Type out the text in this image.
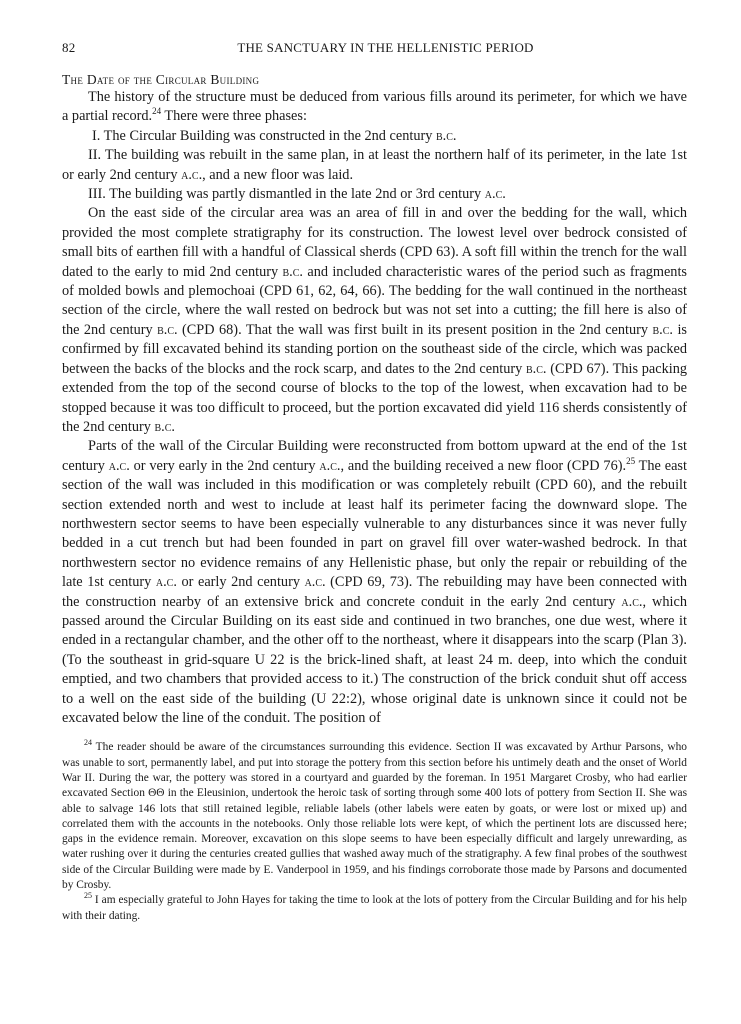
82	THE SANCTUARY IN THE HELLENISTIC PERIOD
The Date of the Circular Building

The history of the structure must be deduced from various fills around its perimeter, for which we have a partial record.$^{24}$ There were three phases:

I. The Circular Building was constructed in the 2nd century b.c.

II. The building was rebuilt in the same plan, in at least the northern half of its perimeter, in the late 1st or early 2nd century a.c., and a new floor was laid.

III. The building was partly dismantled in the late 2nd or 3rd century a.c.

On the east side of the circular area was an area of fill in and over the bedding for the wall, which provided the most complete stratigraphy for its construction. The lowest level over bedrock consisted of small bits of earthen fill with a handful of Classical sherds (CPD 63). A soft fill within the trench for the wall dated to the early to mid 2nd century b.c. and included characteristic wares of the period such as fragments of molded bowls and plemochoai (CPD 61, 62, 64, 66). The bedding for the wall continued in the northeast section of the circle, where the wall rested on bedrock but was not set into a cutting; the fill here is also of the 2nd century b.c. (CPD 68). That the wall was first built in its present position in the 2nd century b.c. is confirmed by fill excavated behind its standing portion on the southeast side of the circle, which was packed between the backs of the blocks and the rock scarp, and dates to the 2nd century b.c. (CPD 67). This packing extended from the top of the second course of blocks to the top of the lowest, when excavation had to be stopped because it was too difficult to proceed, but the portion excavated did yield 116 sherds consistently of the 2nd century b.c.

Parts of the wall of the Circular Building were reconstructed from bottom upward at the end of the 1st century a.c. or very early in the 2nd century a.c., and the building received a new floor (CPD 76).$^{25}$ The east section of the wall was included in this modification or was completely rebuilt (CPD 60), and the rebuilt section extended north and west to include at least half its perimeter facing the downward slope. The northwestern sector seems to have been especially vulnerable to any disturbances since it was never fully bedded in a cut trench but had been founded in part on gravel fill over water-washed bedrock. In that northwestern sector no evidence remains of any Hellenistic phase, but only the repair or rebuilding of the late 1st century a.c. or early 2nd century a.c. (CPD 69, 73). The rebuilding may have been connected with the construction nearby of an extensive brick and concrete conduit in the early 2nd century a.c., which passed around the Circular Building on its east side and continued in two branches, one due west, where it ended in a rectangular chamber, and the other off to the northeast, where it disappears into the scarp (Plan 3). (To the southeast in grid-square U 22 is the brick-lined shaft, at least 24 m. deep, into which the conduit emptied, and two chambers that provided access to it.) The construction of the brick conduit shut off access to a well on the east side of the building (U 22:2), whose original date is unknown since it could not be excavated below the line of the conduit. The position of

$^{24}$ The reader should be aware of the circumstances surrounding this evidence. Section II was excavated by Arthur Parsons, who was unable to sort, permanently label, and put into storage the pottery from this section before his untimely death and the onset of World War II. During the war, the pottery was stored in a courtyard and guarded by the foreman. In 1951 Margaret Crosby, who had earlier excavated Section ΘΘ in the Eleusinion, undertook the heroic task of sorting through some 400 lots of pottery from Section II. She was able to salvage 146 lots that still retained legible, reliable labels (other labels were eaten by goats, or were lost or mixed up) and correlated them with the accounts in the notebooks. Only those reliable lots were kept, of which the pertinent lots are discussed here; gaps in the evidence remain. Moreover, excavation on this slope seems to have been especially difficult and largely unrewarding, as water rushing over it during the centuries created gullies that washed away much of the stratigraphy. A few final probes of the southwest side of the Circular Building were made by E. Vanderpool in 1959, and his findings corroborate those made by Parsons and documented by Crosby.

$^{25}$ I am especially grateful to John Hayes for taking the time to look at the lots of pottery from the Circular Building and for his help with their dating.
